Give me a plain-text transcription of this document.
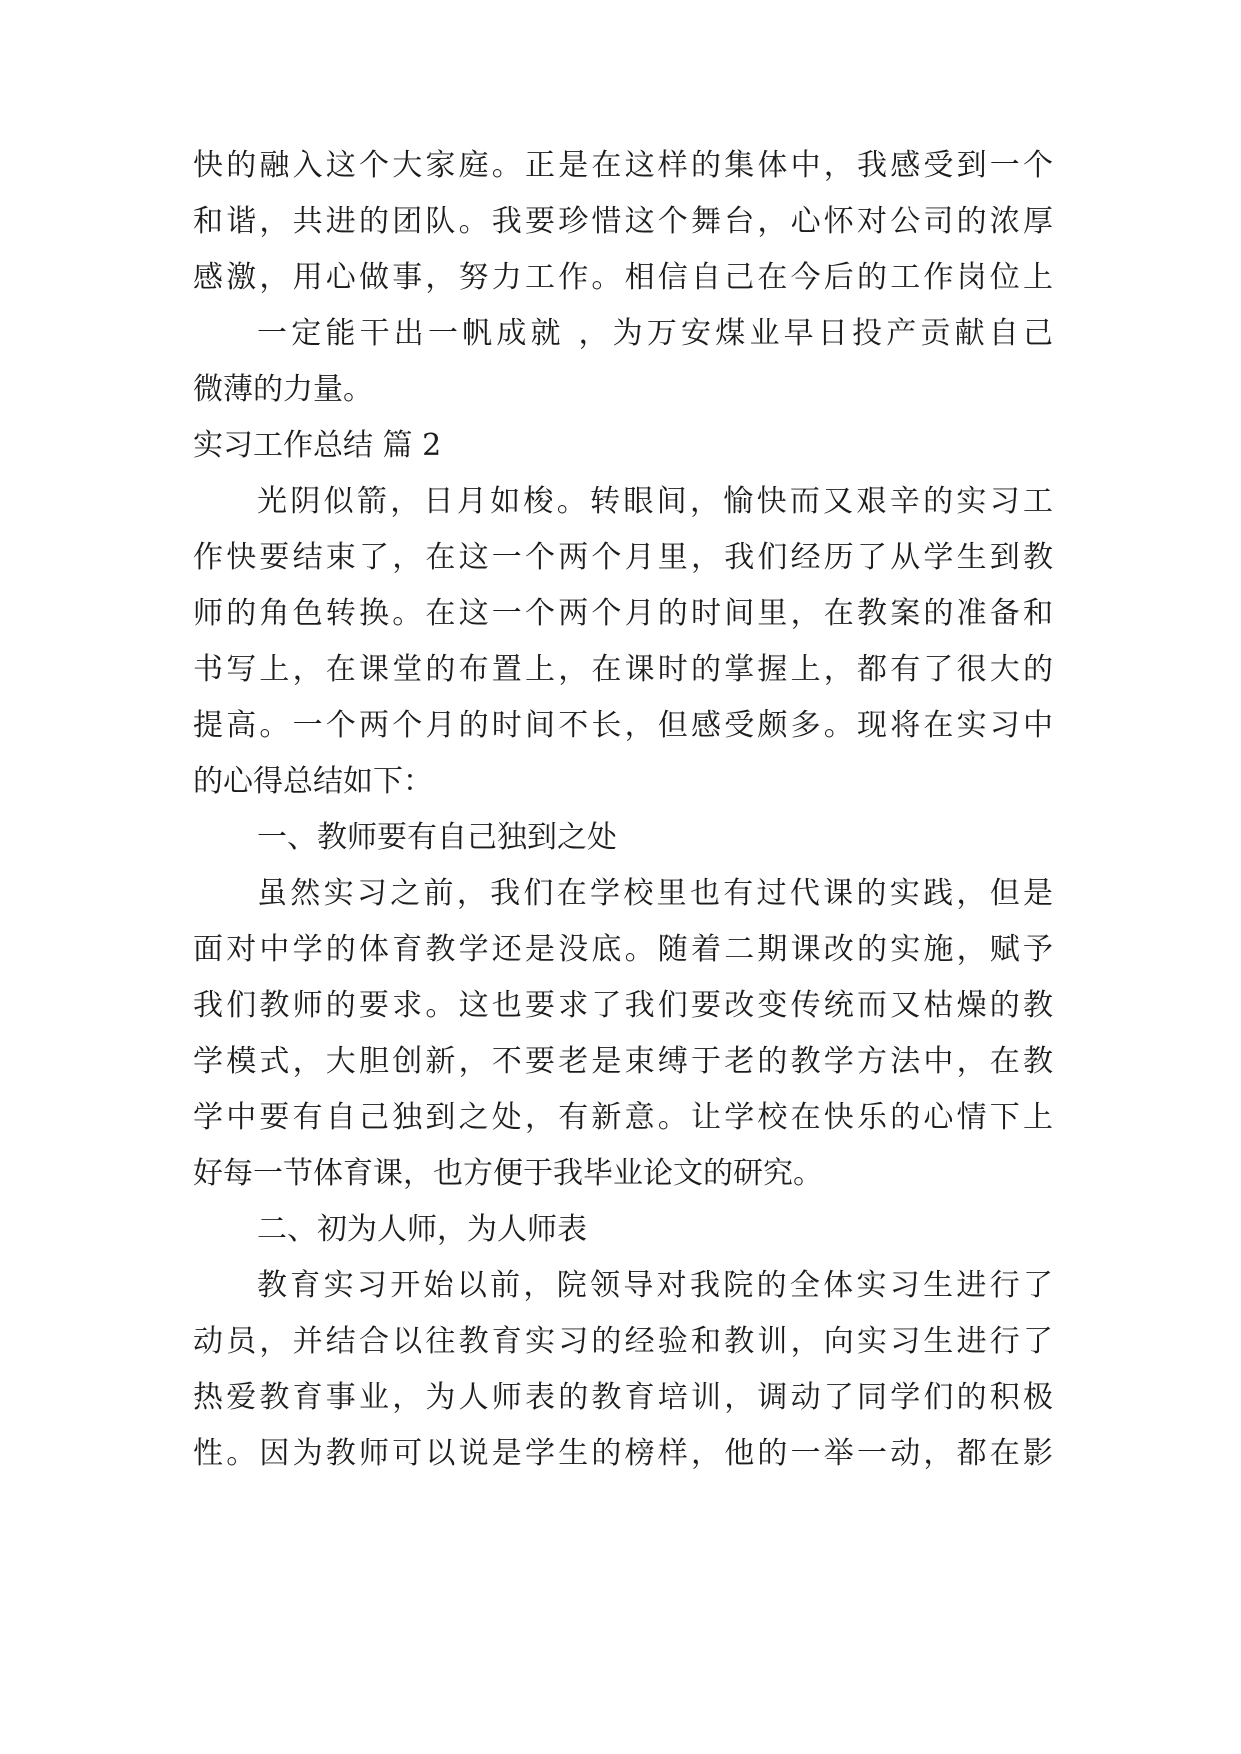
快的融入这个大家庭。正是在这样的集体中，我感受到一个
和谐，共进的团队。我要珍惜这个舞台，心怀对公司的浓厚
感激，用心做事，努力工作。相信自己在今后的工作岗位上
一定能干出一帆成就 ，为万安煤业早日投产贡献自己
微薄的力量。
实习工作总结 篇 2
光阴似箭，日月如梭。转眼间，愉快而又艰辛的实习工
作快要结束了，在这一个两个月里，我们经历了从学生到教
师的角色转换。在这一个两个月的时间里，在教案的准备和
书写上，在课堂的布置上，在课时的掌握上，都有了很大的
提高。一个两个月的时间不长，但感受颇多。现将在实习中
的心得总结如下：
一、教师要有自己独到之处
虽然实习之前，我们在学校里也有过代课的实践，但是
面对中学的体育教学还是没底。随着二期课改的实施，赋予
我们教师的要求。这也要求了我们要改变传统而又枯燥的教
学模式，大胆创新，不要老是束缚于老的教学方法中，在教
学中要有自己独到之处，有新意。让学校在快乐的心情下上
好每一节体育课，也方便于我毕业论文的研究。
二、初为人师，为人师表
教育实习开始以前，院领导对我院的全体实习生进行了
动员，并结合以往教育实习的经验和教训，向实习生进行了
热爱教育事业，为人师表的教育培训，调动了同学们的积极
性。因为教师可以说是学生的榜样，他的一举一动，都在影
